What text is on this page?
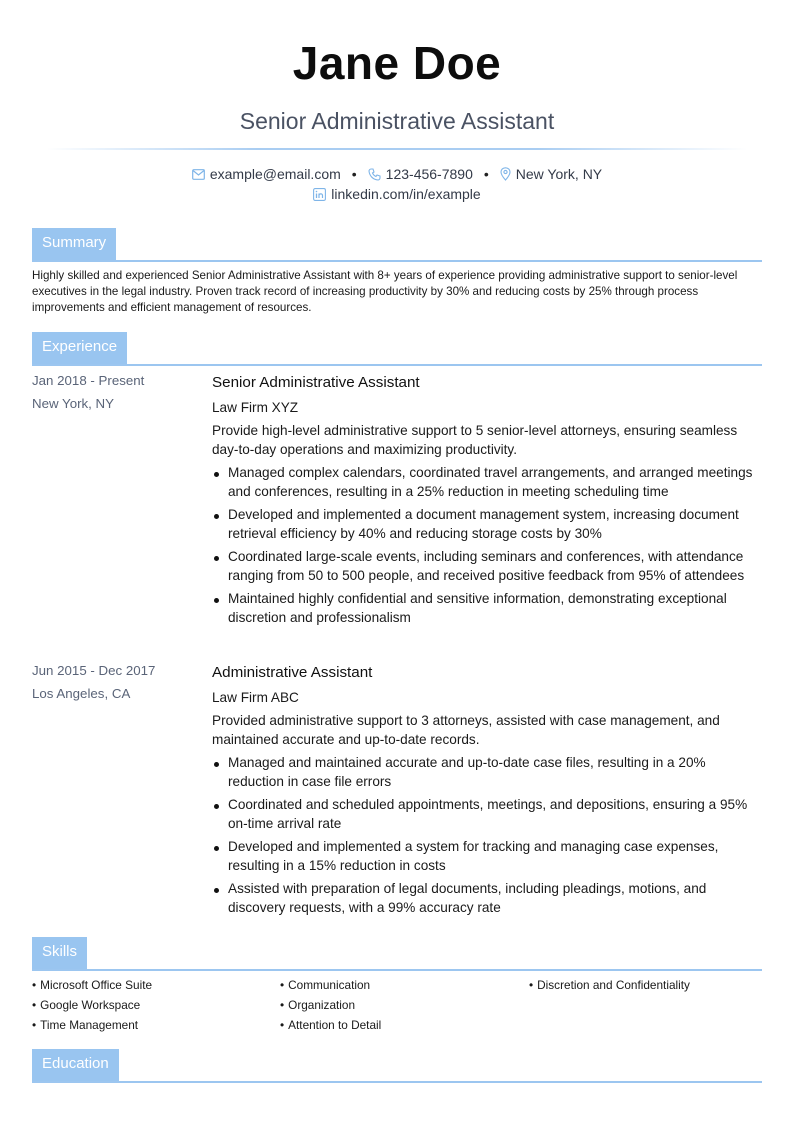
Jane Doe
Senior Administrative Assistant
example@email.com • 123-456-7890 • New York, NY
linkedin.com/in/example
Summary
Highly skilled and experienced Senior Administrative Assistant with 8+ years of experience providing administrative support to senior-level executives in the legal industry. Proven track record of increasing productivity by 30% and reducing costs by 25% through process improvements and efficient management of resources.
Experience
Jan 2018 - Present
New York, NY
Senior Administrative Assistant
Law Firm XYZ
Provide high-level administrative support to 5 senior-level attorneys, ensuring seamless day-to-day operations and maximizing productivity.
Managed complex calendars, coordinated travel arrangements, and arranged meetings and conferences, resulting in a 25% reduction in meeting scheduling time
Developed and implemented a document management system, increasing document retrieval efficiency by 40% and reducing storage costs by 30%
Coordinated large-scale events, including seminars and conferences, with attendance ranging from 50 to 500 people, and received positive feedback from 95% of attendees
Maintained highly confidential and sensitive information, demonstrating exceptional discretion and professionalism
Jun 2015 - Dec 2017
Los Angeles, CA
Administrative Assistant
Law Firm ABC
Provided administrative support to 3 attorneys, assisted with case management, and maintained accurate and up-to-date records.
Managed and maintained accurate and up-to-date case files, resulting in a 20% reduction in case file errors
Coordinated and scheduled appointments, meetings, and depositions, ensuring a 95% on-time arrival rate
Developed and implemented a system for tracking and managing case expenses, resulting in a 15% reduction in costs
Assisted with preparation of legal documents, including pleadings, motions, and discovery requests, with a 99% accuracy rate
Skills
• Microsoft Office Suite
• Google Workspace
• Time Management
• Communication
• Organization
• Attention to Detail
• Discretion and Confidentiality
Education
